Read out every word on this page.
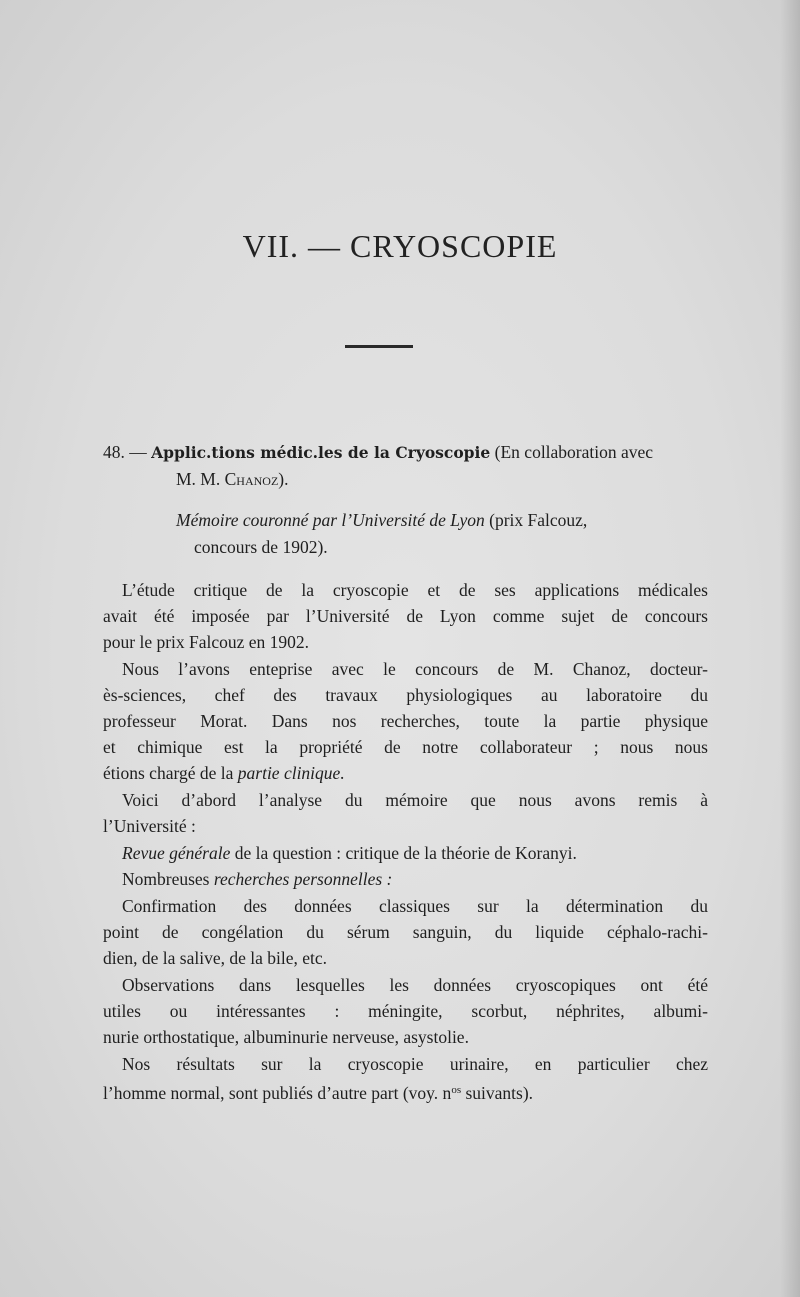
VII. — CRYOSCOPIE
48. — Applic․tions médic․les de la Cryoscopie (En collaboration avec
M. M. Chanoz).
Mémoire couronné par l’Université de Lyon (prix Falcouz,
concours de 1902).
L’étude critique de la cryoscopie et de ses applications médicales
avait été imposée par l’Université de Lyon comme sujet de concours
pour le prix Falcouz en 1902.
Nous l’avons entepris​e avec le concours de M. Chanoz, docteur-
ès-sciences, chef des travaux physiologiques au laboratoire du
professeur Morat. Dans nos recherches, toute la partie physique
et chimique est la propriété de notre collaborateur ; nous nous
étions chargé de la partie clinique.
Voici d’abord l’analyse du mémoire que nous avons remis à
l’Université :
Revue générale de la question : critique de la théorie de Koranyi.
Nombreuses recherches personnelles :
Confirmation des données classiques sur la détermination du
point de congélation du sérum sanguin, du liquide céphalo-rachi-
dien, de la salive, de la bile, etc.
Observations dans lesquelles les données cryoscopiques ont été
utiles ou intéressantes : méningite, scorbut, néphrites, albumi-
nurie orthostatique, albuminurie nerveuse, asystolie.
Nos résultats sur la cryoscopie urinaire, en particulier chez
l’homme normal, sont publiés d’autre part (voy. $n^{os}$ suivants).
